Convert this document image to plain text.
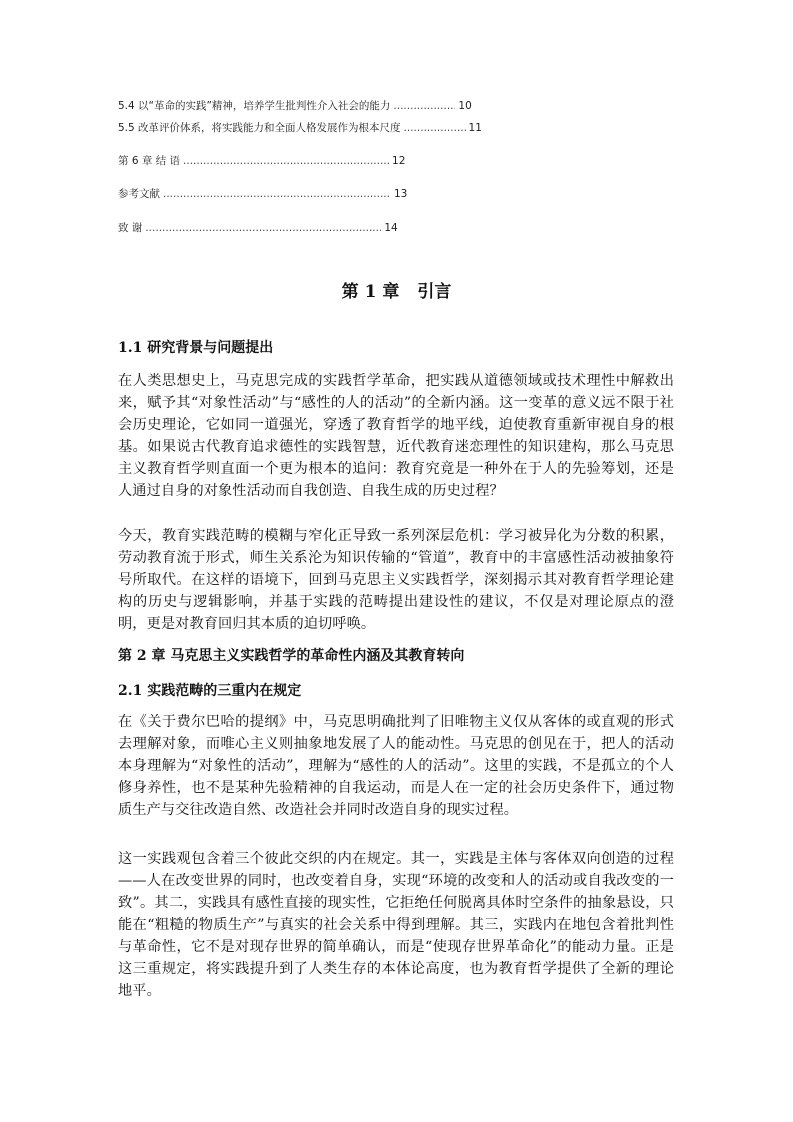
5.4 以“革命的实践”精神，培养学生批判性介入社会的能力 .....	10
5.5 改革评价体系，将实践能力和全面人格发展作为根本尺度 .....	11
第 6 章 结 语 .....	12
参考文献 .....	13
致 谢 .....	14
第 1 章 引言
1.1 研究背景与问题提出
在人类思想史上，马克思完成的实践哲学革命，把实践从道德领域或技术理性中解救出来，赋予其“对象性活动”与“感性的人的活动”的全新内涵。这一变革的意义远不限于社会历史理论，它如同一道强光，穿透了教育哲学的地平线，迫使教育重新审视自身的根基。如果说古代教育追求德性的实践智慧，近代教育迷恋理性的知识建构，那么马克思主义教育哲学则直面一个更为根本的追问：教育究竟是一种外在于人的先验筹划，还是人通过自身的对象性活动而自我创造、自我生成的历史过程？
今天，教育实践范畴的模糊与窄化正导致一系列深层危机：学习被异化为分数的积累，劳动教育流于形式，师生关系沦为知识传输的“管道”，教育中的丰富感性活动被抽象符号所取代。在这样的语境下，回到马克思主义实践哲学，深刻揭示其对教育哲学理论建构的历史与逻辑影响，并基于实践的范畴提出建设性的建议，不仅是对理论原点的澄明，更是对教育回归其本质的迫切呼唤。
第 2 章 马克思主义实践哲学的革命性内涵及其教育转向
2.1 实践范畴的三重内在规定
在《关于费尔巴哈的提纲》中，马克思明确批判了旧唯物主义仅从客体的或直观的形式去理解对象，而唯心主义则抽象地发展了人的能动性。马克思的创见在于，把人的活动本身理解为“对象性的活动”，理解为“感性的人的活动”。这里的实践，不是孤立的个人修身养性，也不是某种先验精神的自我运动，而是人在一定的社会历史条件下，通过物质生产与交往改造自然、改造社会并同时改造自身的现实过程。
这一实践观包含着三个彼此交织的内在规定。其一，实践是主体与客体双向创造的过程——人在改变世界的同时，也改变着自身，实现“环境的改变和人的活动或自我改变的一致”。其二，实践具有感性直接的现实性，它拒绝任何脱离具体时空条件的抽象悬设，只能在“粗糙的物质生产”与真实的社会关系中得到理解。其三，实践内在地包含着批判性与革命性，它不是对现存世界的简单确认，而是“使现存世界革命化”的能动力量。正是这三重规定，将实践提升到了人类生存的本体论高度，也为教育哲学提供了全新的理论地平。
